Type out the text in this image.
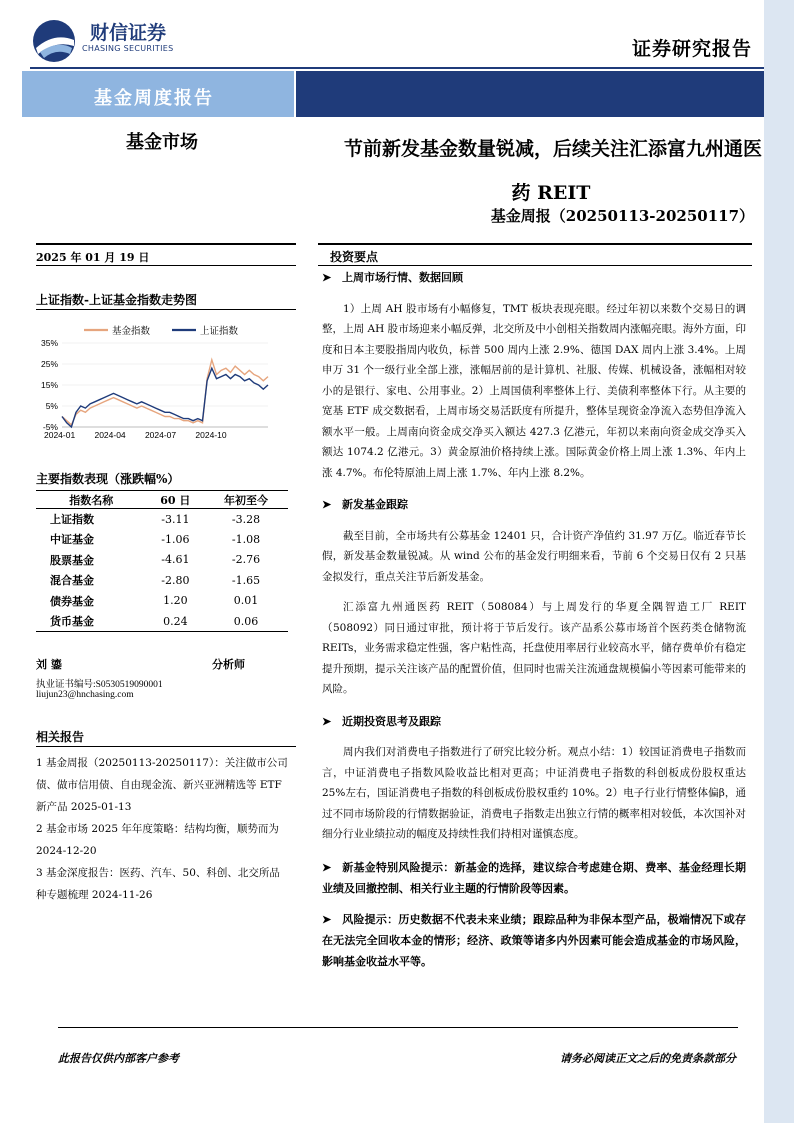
财信证券
CHASING SECURITIES	证券研究报告
基金周度报告
基金市场	节前新发基金数量锐减，后续关注汇添富九州通医
药 REIT
基金周报（20250113-20250117）
2025 年 01 月 19 日
上证指数-上证基金指数走势图
-5%
5%
15%
25%
35%
2024-01 2024-04 2024-07 2024-10
基金指数	上证指数
主要指数表现（涨跌幅%）
指数名称	60 日	年初至今
上证指数	-3.11	-3.28
中证基金	-1.06	-1.08
股票基金	-4.61	-2.76
混合基金	-2.80	-1.65
债券基金	1.20	0.01
货币基金	0.24	0.06
刘 鎏	分析师
执业证书编号:S0530519090001
liujun23@hnchasing.com
相关报告

1 基金周报（20250113-20250117）：关注做市公司债、做市信用债、自由现金流、新兴亚洲精选等 ETF 新产品 2025-01-13

2 基金市场 2025 年年度策略：结构均衡，顺势而为 2024-12-20

3 基金深度报告：医药、汽车、50、科创、北交所品种专题梳理 2024-11-26

投资要点
➤ 上周市场行情、数据回顾
1）上周 AH 股市场有小幅修复，TMT 板块表现亮眼。经过年初以来数个交易日的调整，上周 AH 股市场迎来小幅反弹，北交所及中小创相关指数周内涨幅亮眼。海外方面，印度和日本主要股指周内收负，标普 500 周内上涨 2.9%、德国 DAX 周内上涨 3.4%。上周申万 31 个一级行业全部上涨，涨幅居前的是计算机、社服、传媒、机械设备，涨幅相对较小的是银行、家电、公用事业。2）上周国债利率整体上行、美债利率整体下行。从主要的宽基 ETF 成交数据看，上周市场交易活跃度有所提升，整体呈现资金净流入态势但净流入额水平一般。上周南向资金成交净买入额达 427.3 亿港元，年初以来南向资金成交净买入额达 1074.2 亿港元。3）黄金原油价格持续上涨。国际黄金价格上周上涨 1.3%、年内上涨 4.7%。布伦特原油上周上涨 1.7%、年内上涨 8.2%。
➤ 新发基金跟踪
截至目前，全市场共有公募基金 12401 只，合计资产净值约 31.97 万亿。临近春节长假，新发基金数量锐减。从 wind 公布的基金发行明细来看，节前 6 个交易日仅有 2 只基金拟发行，重点关注节后新发基金。
汇添富九州通医药 REIT（508084）与上周发行的华夏全隅智造工厂 REIT（508092）同日通过审批，预计将于节后发行。该产品系公募市场首个医药类仓储物流 REITs，业务需求稳定性强，客户粘性高，托盘使用率居行业较高水平，储存费单价有稳定提升预期，提示关注该产品的配置价值，但同时也需关注流通盘规模偏小等因素可能带来的风险。
➤ 近期投资思考及跟踪
周内我们对消费电子指数进行了研究比较分析。观点小结：1）较国证消费电子指数而言，中证消费电子指数风险收益比相对更高；中证消费电子指数的科创板成份股权重达 25%左右，国证消费电子指数的科创板成份股权重约 10%。2）电子行业行情整体偏β，通过不同市场阶段的行情数据验证，消费电子指数走出独立行情的概率相对较低，本次国补对细分行业业绩拉动的幅度及持续性我们持相对谨慎态度。
➤ 新基金特别风险提示：新基金的选择，建议综合考虑建仓期、费率、基金经理长期业绩及回撤控制、相关行业主题的行情阶段等因素。
➤ 风险提示：历史数据不代表未来业绩；跟踪品种为非保本型产品，极端情况下或存在无法完全回收本金的情形；经济、政策等诸多内外因素可能会造成基金的市场风险，影响基金收益水平等。
此报告仅供内部客户参考	请务必阅读正文之后的免责条款部分
